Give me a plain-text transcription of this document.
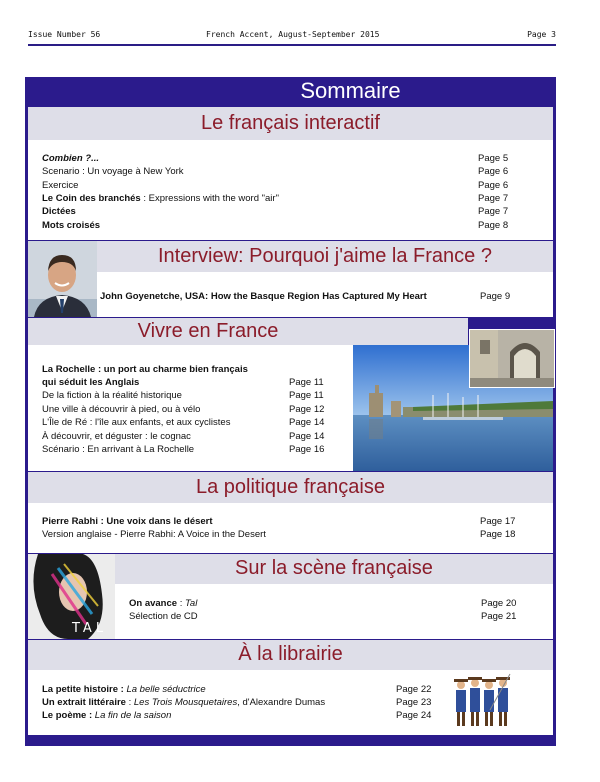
Issue Number 56	French Accent, August-September 2015	Page 3
Sommaire
Le français interactif
Combien ?...	Page 5
Scenario : Un voyage à New York	Page 6
Exercice	Page 6
Le Coin des branchés : Expressions with the word "air"	Page 7
Dictées	Page 7
Mots croisés	Page 8
Interview: Pourquoi j'aime la France ?
John Goyenetche, USA: How the Basque Region Has Captured My Heart	Page 9
Vivre en France
La Rochelle : un port au charme bien français
qui séduit les Anglais	Page 11
De la fiction à la réalité historique	Page 11
Une ville à découvrir à pied, ou à vélo	Page 12
L'Île de Ré : l'île aux enfants, et aux cyclistes	Page 14
À découvrir, et déguster : le cognac	Page 14
Scénario : En arrivant à La Rochelle	Page 16
La politique française
Pierre Rabhi : Une voix dans le désert	Page 17
Version anglaise - Pierre Rabhi: A Voice in the Desert	Page 18
Sur la scène française
TAL
On avance : Tal	Page 20
Sélection de CD	Page 21
À la librairie
La petite histoire : La belle séductrice	Page 22
Un extrait littéraire : Les Trois Mousquetaires, d'Alexandre Dumas	Page 23
Le poème : La fin de la saison	Page 24
